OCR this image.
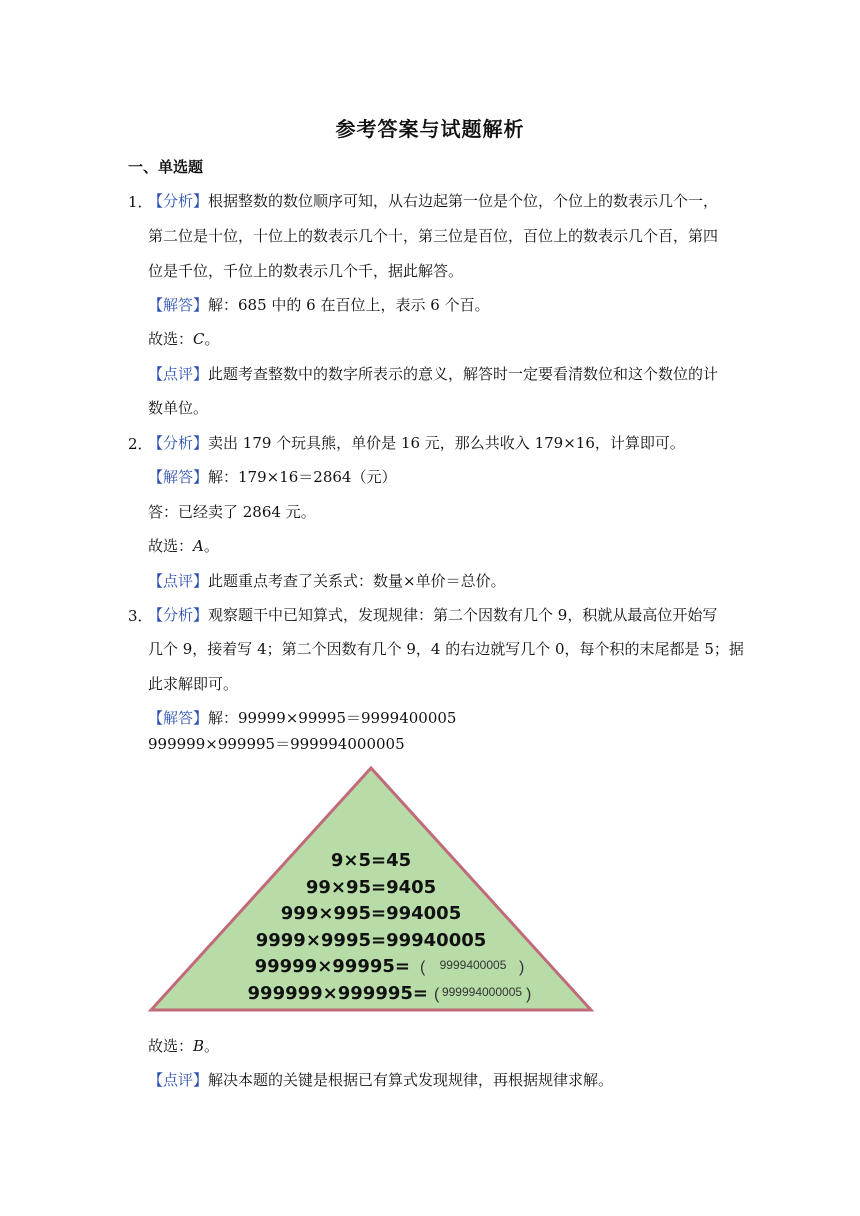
参考答案与试题解析
一、单选题
1．
【分析】根据整数的数位顺序可知，从右边起第一位是个位，个位上的数表示几个一，
第二位是十位，十位上的数表示几个十，第三位是百位，百位上的数表示几个百，第四
位是千位，千位上的数表示几个千，据此解答。
【解答】解：685 中的 6 在百位上，表示 6 个百。
故选：C。
【点评】此题考查整数中的数字所表示的意义，解答时一定要看清数位和这个数位的计
数单位。
2．
【分析】卖出 179 个玩具熊，单价是 16 元，那么共收入 179×16，计算即可。
【解答】解：179×16＝2864（元）
答：已经卖了 2864 元。
故选：A。
【点评】此题重点考查了关系式：数量×单价＝总价。
3．
【分析】观察题干中已知算式，发现规律：第二个因数有几个 9，积就从最高位开始写
几个 9，接着写 4；第二个因数有几个 9，4 的右边就写几个 0，每个积的末尾都是 5；据
此求解即可。
【解答】解：99999×99995＝9999400005
999999×999995＝999994000005
9×5=45
99×95=9405
999×995=994005
9999×9995=99940005
99999×99995= ( 9999400005 )
999999×999995= ( 999994000005 )
故选：B。
【点评】解决本题的关键是根据已有算式发现规律，再根据规律求解。
